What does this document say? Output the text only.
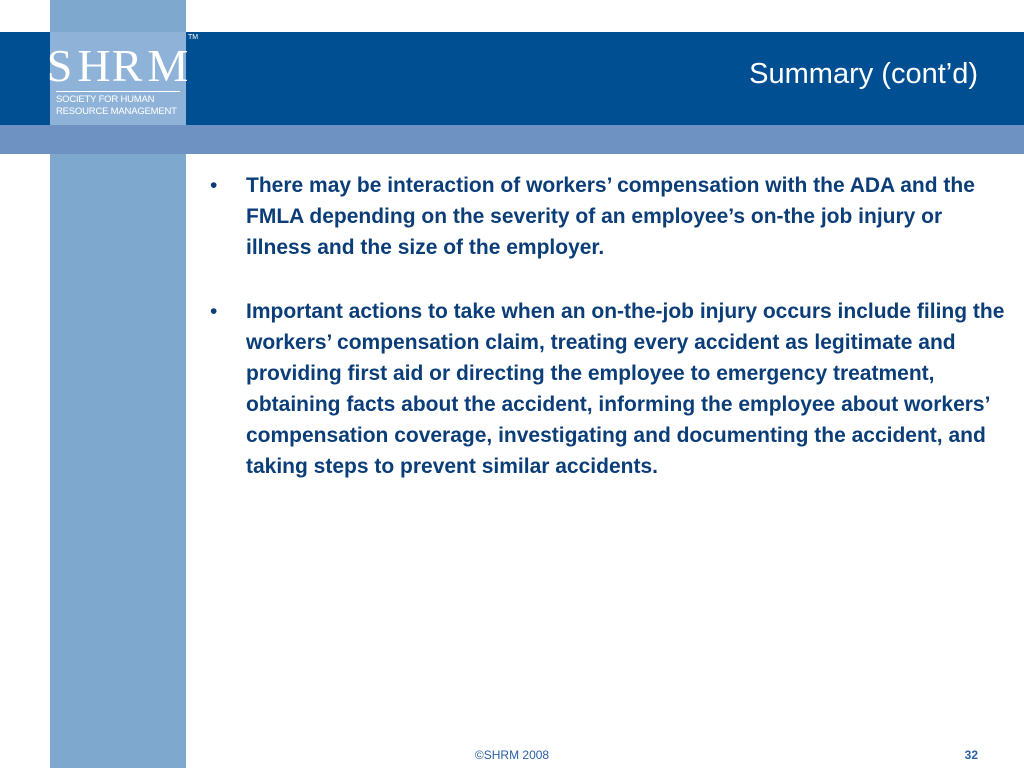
S H R M
SOCIETY FOR HUMAN
RESOURCE MANAGEMENT
TM
Summary (cont’d)
• There may be interaction of workers’ compensation with the ADA and the FMLA depending on the severity of an employee’s on-the job injury or illness and the size of the employer.
• Important actions to take when an on-the-job injury occurs include filing the workers’ compensation claim, treating every accident as legitimate and providing first aid or directing the employee to emergency treatment, obtaining facts about the accident, informing the employee about workers’ compensation coverage, investigating and documenting the accident, and taking steps to prevent similar accidents.
©SHRM 2008	32
